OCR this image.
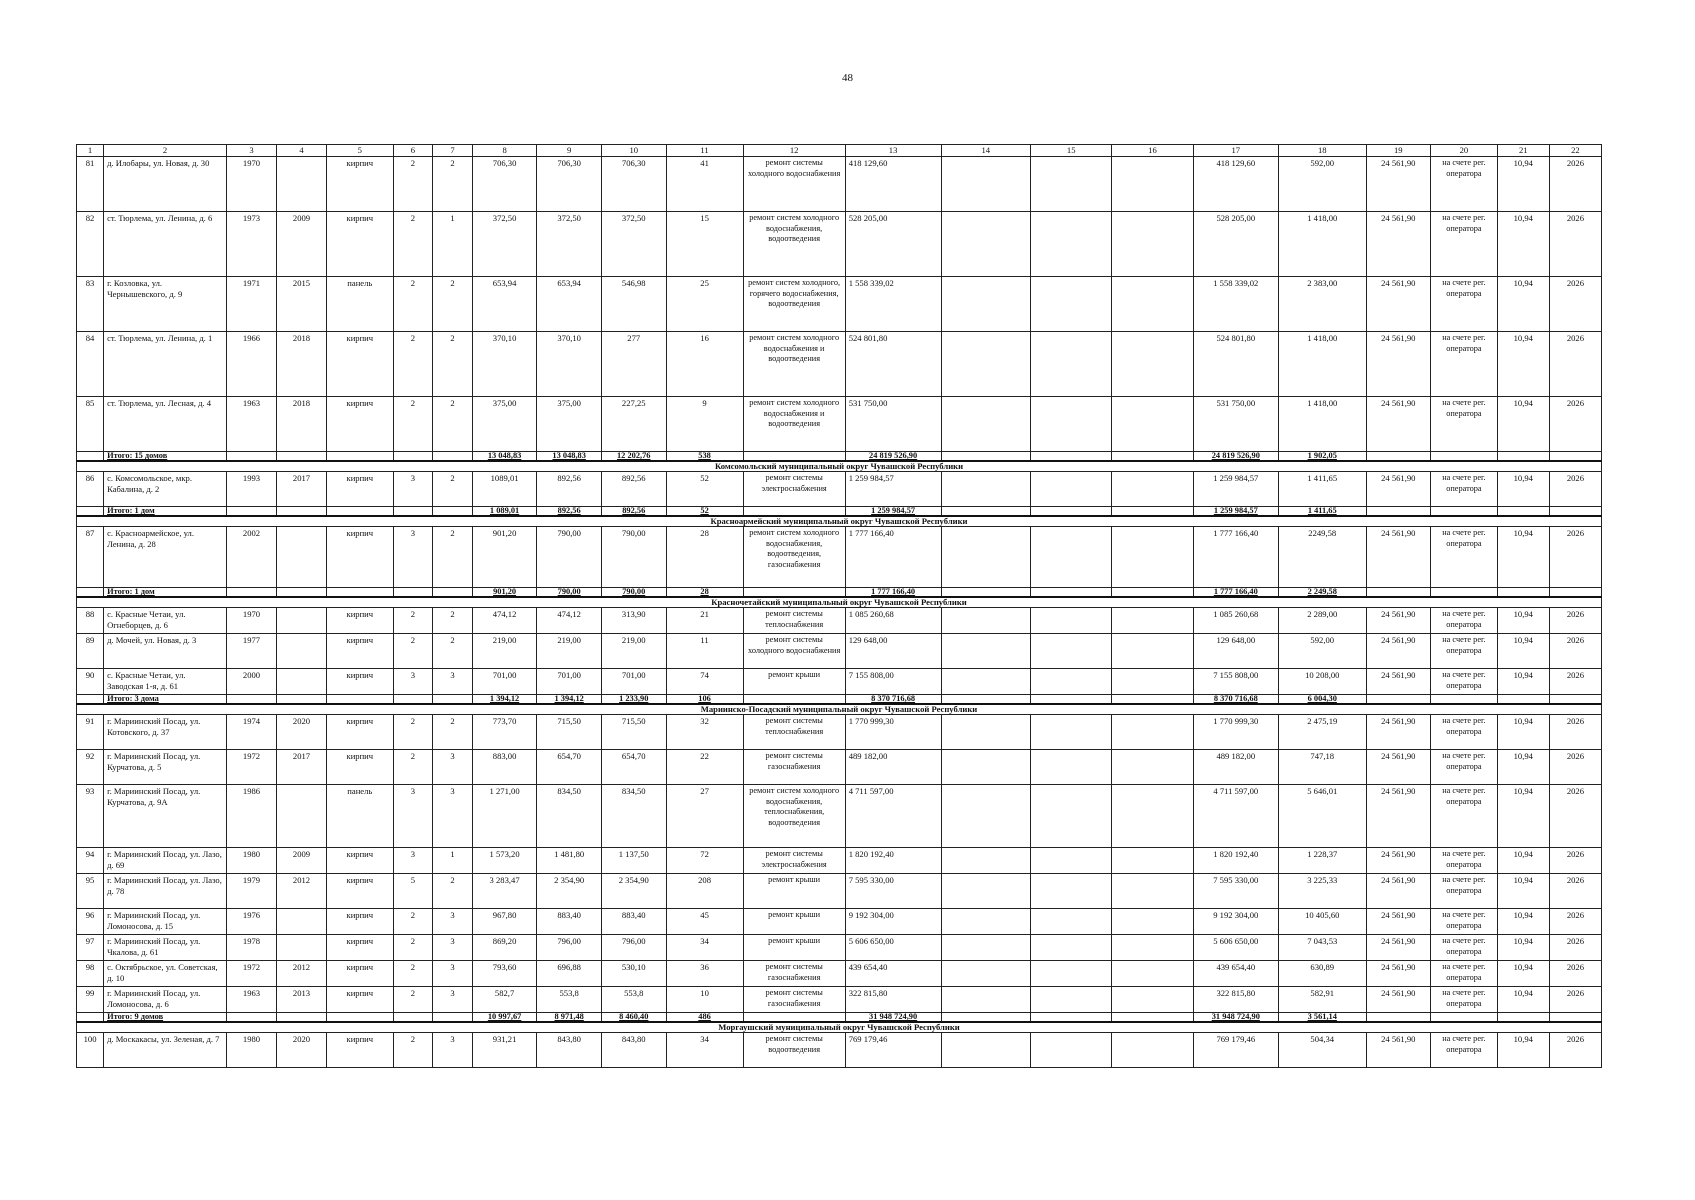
48
1	2	3	4	5	6	7	8	9	10	11	12	13	14	15	16	17	18	19	20	21	22
81	д. Илобары, ул. Новая, д. 30	1970		кирпич	2	2	706,30	706,30	706,30	41	ремонт системы холодного водоснабжения	418 129,60				418 129,60	592,00	24 561,90	на счете рег. оператора	10,94	2026
82	ст. Тюрлема, ул. Ленина, д. 6	1973	2009	кирпич	2	1	372,50	372,50	372,50	15	ремонт систем холодного водоснабжения, водоотведения	528 205,00				528 205,00	1 418,00	24 561,90	на счете рег. оператора	10,94	2026
83	г. Козловка, ул. Чернышевского, д. 9	1971	2015	панель	2	2	653,94	653,94	546,98	25	ремонт систем холодного, горячего водоснабжения, водоотведения	1 558 339,02				1 558 339,02	2 383,00	24 561,90	на счете рег. оператора	10,94	2026
84	ст. Тюрлема, ул. Ленина, д. 1	1966	2018	кирпич	2	2	370,10	370,10	277	16	ремонт систем холодного водоснабжения и водоотведения	524 801,80				524 801,80	1 418,00	24 561,90	на счете рег. оператора	10,94	2026
85	ст. Тюрлема, ул. Лесная, д. 4	1963	2018	кирпич	2	2	375,00	375,00	227,25	9	ремонт систем холодного водоснабжения и водоотведения	531 750,00				531 750,00	1 418,00	24 561,90	на счете рег. оператора	10,94	2026
	Итого: 15 домов						13 048,83	13 048,83	12 202,76	538		24 819 526,90				24 819 526,90	1 902,05				
Комсомольский муниципальный округ Чувашской Республики																					
86	с. Комсомольское, мкр. Кабалина, д. 2	1993	2017	кирпич	3	2	1089,01	892,56	892,56	52	ремонт системы электроснабжения	1 259 984,57				1 259 984,57	1 411,65	24 561,90	на счете рег. оператора	10,94	2026
	Итого: 1 дом						1 089,01	892,56	892,56	52		1 259 984,57				1 259 984,57	1 411,65				
Красноармейский муниципальный округ Чувашской Республики																					
87	с. Красноармейское, ул. Ленина, д. 28	2002		кирпич	3	2	901,20	790,00	790,00	28	ремонт систем холодного водоснабжения, водоотведения, газоснабжения	1 777 166,40				1 777 166,40	2249,58	24 561,90	на счете рег. оператора	10,94	2026
	Итого: 1 дом						901,20	790,00	790,00	28		1 777 166,40				1 777 166,40	2 249,58				
Красночетайский муниципальный округ Чувашской Республики																					
88	с. Красные Четаи, ул. Огнеборцев, д. 6	1970		кирпич	2	2	474,12	474,12	313,90	21	ремонт системы теплоснабжения	1 085 260,68				1 085 260,68	2 289,00	24 561,90	на счете рег. оператора	10,94	2026
89	д. Мочей, ул. Новая, д. 3	1977		кирпич	2	2	219,00	219,00	219,00	11	ремонт системы холодного водоснабжения	129 648,00				129 648,00	592,00	24 561,90	на счете рег. оператора	10,94	2026
90	с. Красные Четаи, ул. Заводская 1-я, д. 61	2000		кирпич	3	3	701,00	701,00	701,00	74	ремонт крыши	7 155 808,00				7 155 808,00	10 208,00	24 561,90	на счете рег. оператора	10,94	2026
	Итого: 3 дома						1 394,12	1 394,12	1 233,90	106		8 370 716,68				8 370 716,68	6 004,30				
Мариинско-Посадский муниципальный округ Чувашской Республики																					
91	г. Мариинский Посад, ул. Котовского, д. 37	1974	2020	кирпич	2	2	773,70	715,50	715,50	32	ремонт системы теплоснабжения	1 770 999,30				1 770 999,30	2 475,19	24 561,90	на счете рег. оператора	10,94	2026
92	г. Мариинский Посад, ул. Курчатова, д. 5	1972	2017	кирпич	2	3	883,00	654,70	654,70	22	ремонт системы газоснабжения	489 182,00				489 182,00	747,18	24 561,90	на счете рег. оператора	10,94	2026
93	г. Мариинский Посад, ул. Курчатова, д. 9А	1986		панель	3	3	1 271,00	834,50	834,50	27	ремонт систем холодного водоснабжения, теплоснабжения, водоотведения	4 711 597,00				4 711 597,00	5 646,01	24 561,90	на счете рег. оператора	10,94	2026
94	г. Мариинский Посад, ул. Лазо, д. 69	1980	2009	кирпич	3	1	1 573,20	1 481,80	1 137,50	72	ремонт системы электроснабжения	1 820 192,40				1 820 192,40	1 228,37	24 561,90	на счете рег. оператора	10,94	2026
95	г. Мариинский Посад, ул. Лазо, д. 78	1979	2012	кирпич	5	2	3 283,47	2 354,90	2 354,90	208	ремонт крыши	7 595 330,00				7 595 330,00	3 225,33	24 561,90	на счете рег. оператора	10,94	2026
96	г. Мариинский Посад, ул. Ломоносова, д. 15	1976		кирпич	2	3	967,80	883,40	883,40	45	ремонт крыши	9 192 304,00				9 192 304,00	10 405,60	24 561,90	на счете рег. оператора	10,94	2026
97	г. Мариинский Посад, ул. Чкалова, д. 61	1978		кирпич	2	3	869,20	796,00	796,00	34	ремонт крыши	5 606 650,00				5 606 650,00	7 043,53	24 561,90	на счете рег. оператора	10,94	2026
98	с. Октябрьское, ул. Советская, д. 10	1972	2012	кирпич	2	3	793,60	696,88	530,10	36	ремонт системы газоснабжения	439 654,40				439 654,40	630,89	24 561,90	на счете рег. оператора	10,94	2026
99	г. Мариинский Посад, ул. Ломоносова, д. 6	1963	2013	кирпич	2	3	582,7	553,8	553,8	10	ремонт системы газоснабжения	322 815,80				322 815,80	582,91	24 561,90	на счете рег. оператора	10,94	2026
	Итого: 9 домов						10 997,67	8 971,48	8 460,40	486		31 948 724,90				31 948 724,90	3 561,14				
Моргаушский муниципальный округ Чувашской Республики																					
100	д. Москакасы, ул. Зеленая, д. 7	1980	2020	кирпич	2	3	931,21	843,80	843,80	34	ремонт системы водоотведения	769 179,46				769 179,46	504,34	24 561,90	на счете рег. оператора	10,94	2026
